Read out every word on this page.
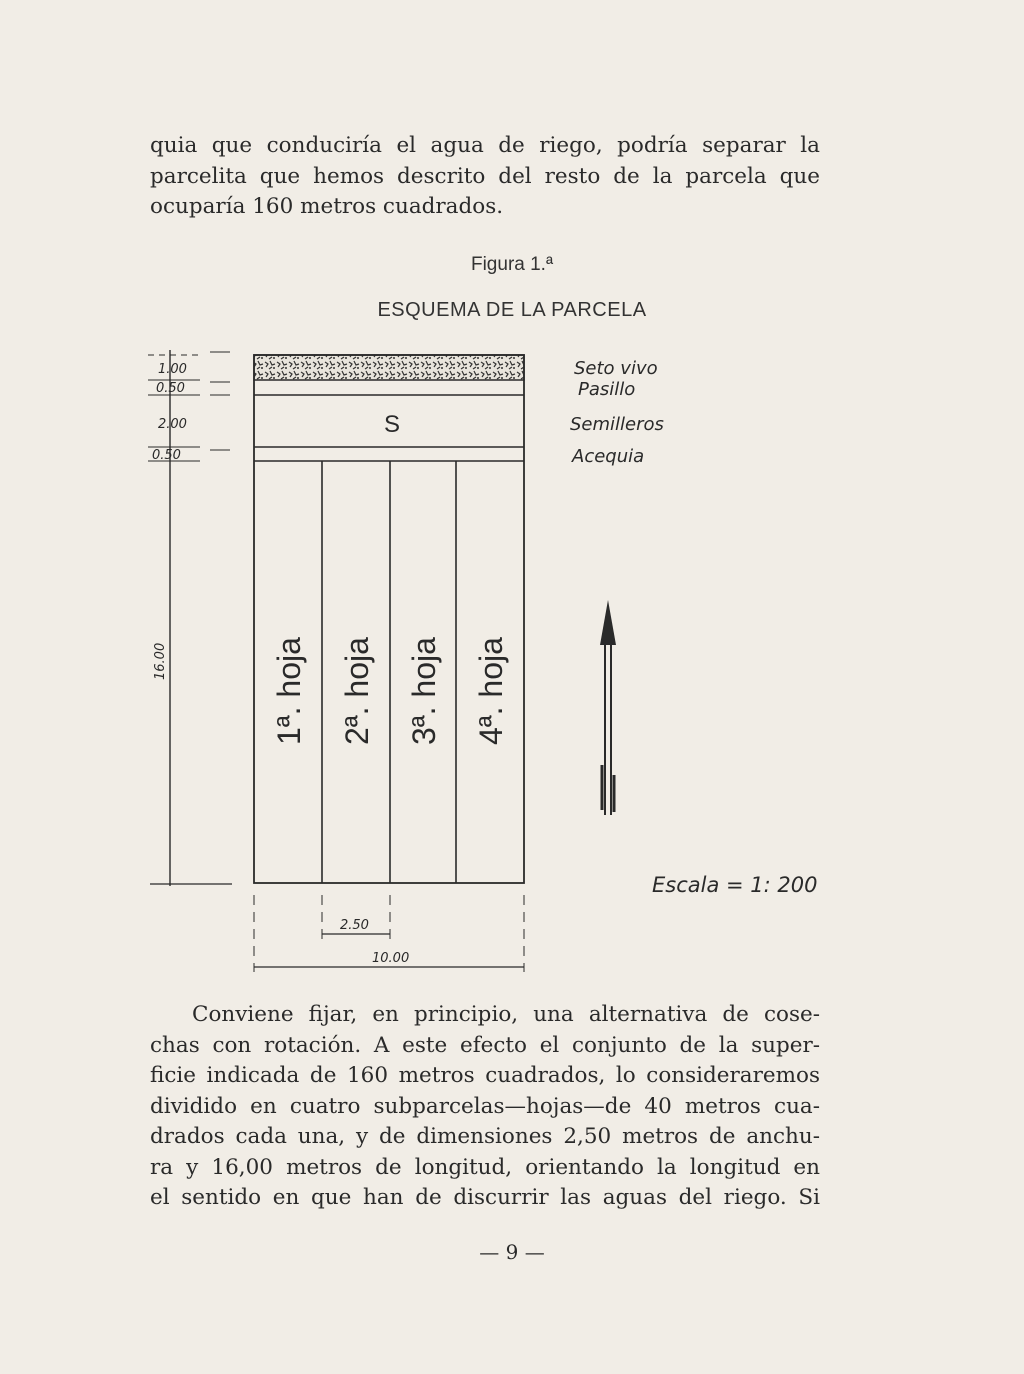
quia que conduciría el agua de riego, podría separar la
parcelita que hemos descrito del resto de la parcela que
ocuparía 160 metros cuadrados.
Figura 1.ª
ESQUEMA DE LA PARCELA
S
1ª. hoja 2ª. hoja 3ª. hoja 4ª. hoja
Seto vivo
Pasillo
Semilleros
Acequia
1.00
0.50
2.00
0.50
16.00
Escala = 1: 200
2.50
10.00
Conviene fijar, en principio, una alternativa de cose-
chas con rotación. A este efecto el conjunto de la super-
ficie indicada de 160 metros cuadrados, lo consideraremos
dividido en cuatro subparcelas—hojas—de 40 metros cua-
drados cada una, y de dimensiones 2,50 metros de anchu-
ra y 16,00 metros de longitud, orientando la longitud en
el sentido en que han de discurrir las aguas del riego. Si
— 9 —
